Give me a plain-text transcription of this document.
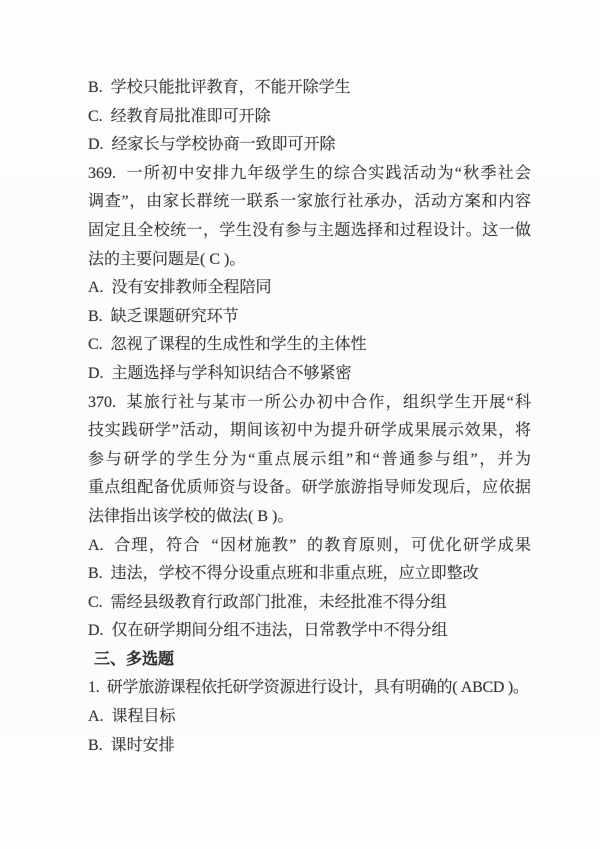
B.  学校只能批评教育，不能开除学生
C.  经教育局批准即可开除
D.  经家长与学校协商一致即可开除
369.  一所初中安排九年级学生的综合实践活动为“秋季社会
调查”，由家长群统一联系一家旅行社承办，活动方案和内容
固定且全校统一，学生没有参与主题选择和过程设计。这一做
法的主要问题是( C )。
A.  没有安排教师全程陪同
B.  缺乏课题研究环节
C.  忽视了课程的生成性和学生的主体性
D.  主题选择与学科知识结合不够紧密
370.  某旅行社与某市一所公办初中合作，组织学生开展“科
技实践研学”活动，期间该初中为提升研学成果展示效果，将
参与研学的学生分为“重点展示组”和“普通参与组”，并为
重点组配备优质师资与设备。研学旅游指导师发现后，应依据
法律指出该学校的做法( B )。
A.  合理，符合  “因材施教”  的教育原则，可优化研学成果
B.  违法，学校不得分设重点班和非重点班，应立即整改
C.  需经县级教育行政部门批准，未经批准不得分组
D.  仅在研学期间分组不违法，日常教学中不得分组
三、多选题
1.  研学旅游课程依托研学资源进行设计，具有明确的( ABCD )。
A.  课程目标
B.  课时安排
